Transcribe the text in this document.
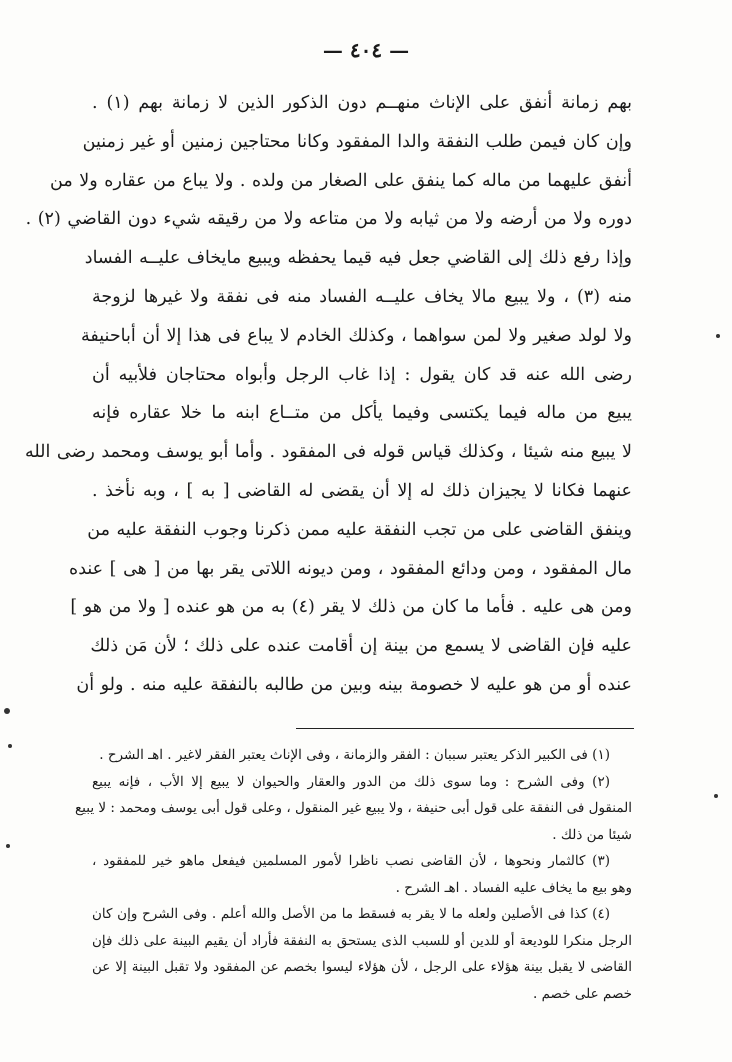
— ٤٠٤ —
بهم زمانة أنفق على الإناث منهــم دون الذكور الذين لا زمانة بهم (١) .
وإن كان فيمن طلب النفقة والدا المفقود وكانا محتاجين زمنين أو غير زمنين
أنفق عليهما من ماله كما ينفق على الصغار من ولده . ولا يباع من عقاره ولا من
دوره ولا من أرضه ولا من ثيابه ولا من متاعه ولا من رقيقه شيء دون القاضي (٢) .
وإذا رفع ذلك إلى القاضي جعل فيه قيما يحفظه ويبيع مايخاف عليــه الفساد
منه (٣) ، ولا يبيع مالا يخاف عليــه الفساد منه فى نفقة ولا غيرها لزوجة
ولا لولد صغير ولا لمن سواهما ، وكذلك الخادم لا يباع فى هذا إلا أن أباحنيفة
رضى الله عنه قد كان يقول : إذا غاب الرجل وأبواه محتاجان فلأبيه أن
يبيع من ماله فيما يكتسى وفيما يأكل من متــاع ابنه ما خلا عقاره فإنه
لا يبيع منه شيئا ، وكذلك قياس قوله فى المفقود . وأما أبو يوسف ومحمد رضى الله
عنهما فكانا لا يجيزان ذلك له إلا أن يقضى له القاضى [ به ] ، وبه نأخذ .
وينفق القاضى على من تجب النفقة عليه ممن ذكرنا وجوب النفقة عليه من
مال المفقود ، ومن ودائع المفقود ، ومن ديونه اللاتى يقر بها من [ هى ] عنده
ومن هى عليه . فأما ما كان من ذلك لا يقر (٤) به من هو عنده [ ولا من هو ]
عليه فإن القاضى لا يسمع من بينة إن أقامت عنده على ذلك ؛ لأن مَن ذلك
عنده أو من هو عليه لا خصومة بينه وبين من طالبه بالنفقة عليه منه . ولو أن
(١) فى الكبير الذكر يعتبر سببان : الفقر والزمانة ، وفى الإناث يعتبر الفقر لاغير . اهـ الشرح .
(٢) وفى الشرح : وما سوى ذلك من الدور والعقار والحيوان لا يبيع إلا الأب ، فإنه يبيع
المنقول فى النفقة على قول أبى حنيفة ، ولا يبيع غير المنقول ، وعلى قول أبى يوسف ومحمد : لا يبيع
شيئا من ذلك .
(٣) كالثمار ونحوها ، لأن القاضى نصب ناظرا لأمور المسلمين فيفعل ماهو خير للمفقود ،
وهو بيع ما يخاف عليه الفساد . اهـ الشرح .
(٤) كذا فى الأصلين ولعله ما لا يقر به فسقط ما من الأصل والله أعلم . وفى الشرح وإن كان
الرجل منكرا للوديعة أو للدين أو للسبب الذى يستحق به النفقة فأراد أن يقيم البينة على ذلك فإن
القاضى لا يقبل بينة هؤلاء على الرجل ، لأن هؤلاء ليسوا بخصم عن المفقود ولا تقبل البينة إلا عن
خصم على خصم .
